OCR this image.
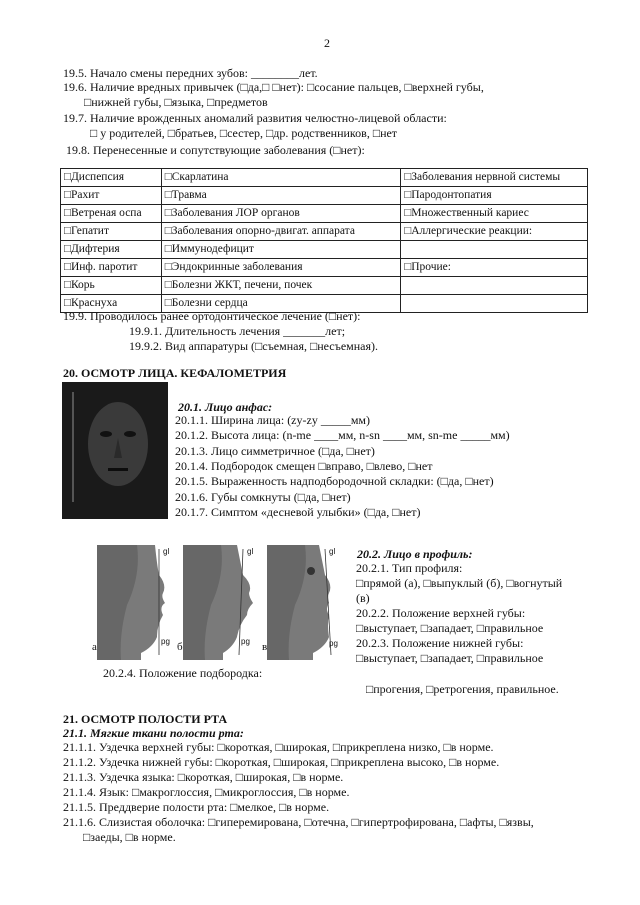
2
19.5. Начало смены передних зубов: ________лет.
19.6. Наличие вредных привычек (□да,□ □нет): □сосание пальцев, □верхней губы,
□нижней губы, □языка, □предметов
19.7. Наличие врожденных аномалий развития челюстно-лицевой области:
□ у родителей, □братьев, □сестер, □др. родственников, □нет
19.8. Перенесенные и сопутствующие заболевания (□нет):
□Диспепсия	□Скарлатина	□Заболевания нервной системы
□Рахит	□Травма	□Пародонтопатия
□Ветреная оспа	□Заболевания ЛОР органов	□Множественный кариес
□Гепатит	□Заболевания опорно-двигат. аппарата	□Аллергические реакции:
□Дифтерия	□Иммунодефицит	
□Инф. паротит	□Эндокринные заболевания	□Прочие:
□Корь	□Болезни ЖКТ, печени, почек	
□Краснуха	□Болезни сердца	
19.9. Проводилось ранее ортодонтическое лечение (□нет):
19.9.1. Длительность лечения _______лет;
19.9.2. Вид аппаратуры (□съемная, □несъемная).
20. ОСМОТР ЛИЦА. КЕФАЛОМЕТРИЯ
20.1. Лицо анфас:
20.1.1. Ширина лица: (zy-zy _____мм)
20.1.2. Высота лица: (n-me ____мм, n-sn ____мм, sn-me _____мм)
20.1.3. Лицо симметричное (□да, □нет)
20.1.4. Подбородок смещен □вправо, □влево, □нет
20.1.5. Выраженность надподбородочной складки: (□да, □нет)
20.1.6. Губы сомкнуты (□да, □нет)
20.1.7. Симптом «десневой улыбки» (□да, □нет)
gl
pg
а
gl
pg
б
gl
pg
в
20.2. Лицо в профиль:
20.2.1. Тип профиля:
□прямой (а), □выпуклый (б), □вогнутый
(в)
20.2.2. Положение верхней губы:
□выступает, □западает, □правильное
20.2.3. Положение нижней губы:
□выступает, □западает, □правильное
20.2.4. Положение подбородка:
□прогения, □ретрогения, правильное.
21. ОСМОТР ПОЛОСТИ РТА
21.1. Мягкие ткани полости рта:
21.1.1. Уздечка верхней губы: □короткая, □широкая, □прикреплена низко, □в норме.
21.1.2. Уздечка нижней губы: □короткая, □широкая, □прикреплена высоко, □в норме.
21.1.3. Уздечка языка: □короткая, □широкая, □в норме.
21.1.4. Язык: □макроглоссия, □микроглоссия, □в норме.
21.1.5. Преддверие полости рта: □мелкое, □в норме.
21.1.6. Слизистая оболочка: □гиперемирована, □отечна, □гипертрофирована, □афты, □язвы,
□заеды, □в норме.
